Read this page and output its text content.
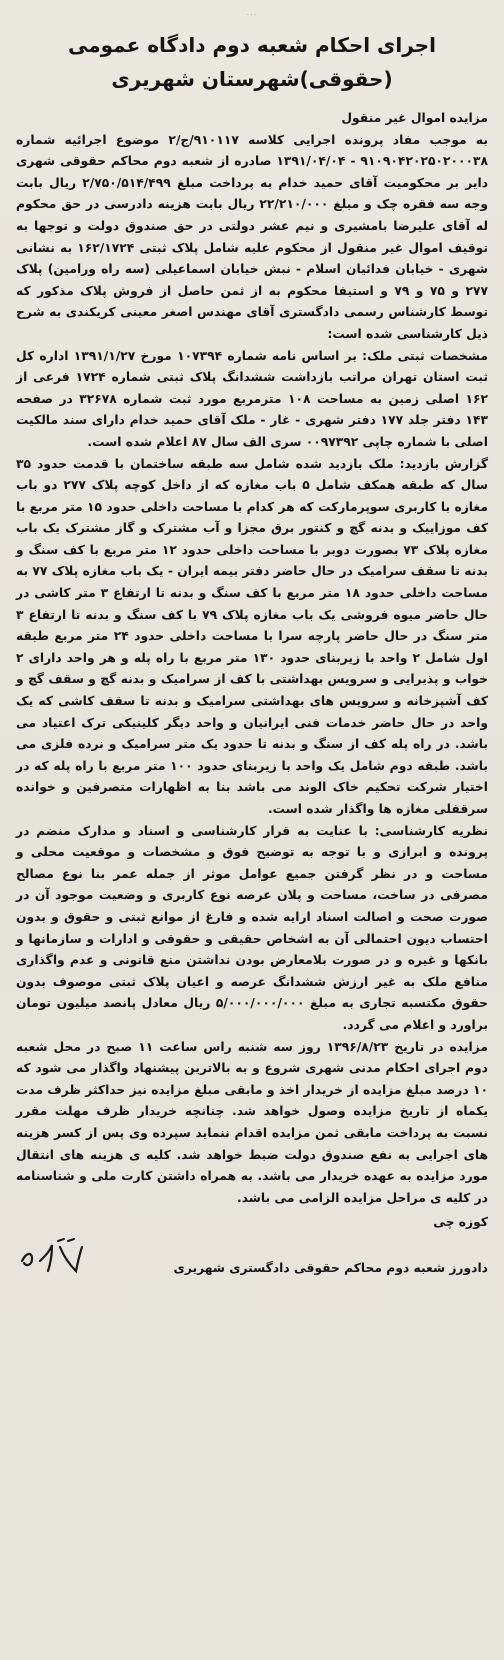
...
اجرای احکام شعبه دوم دادگاه عمومی
(حقوقی)شهرستان شهریری
مزایده اموال غیر منقول

به موجب مفاد پرونده اجرایی کلاسه ۹۱۰۱۱۷/ج/۲ موضوع اجرائیه شماره ۹۱۰۹۰۴۲۰۲۵۰۲۰۰۰۳۸ - ۱۳۹۱/۰۴/۰۴ صادره از شعبه دوم محاکم حقوقی شهری دایر بر محکومیت آقای حمید خدام به پرداخت مبلغ ۲/۷۵۰/۵۱۴/۴۹۹ ریال بابت وجه سه فقره چک و مبلغ ۲۲/۲۱۰/۰۰۰ ریال بابت هزینه دادرسی در حق محکوم له آقای علیرضا بامشیری و نیم عشر دولتی در حق صندوق دولت و توجها به توقیف اموال غیر منقول از محکوم علیه شامل پلاک ثبتی ۱۶۲/۱۷۲۴ به نشانی شهری - خیابان فدائیان اسلام - نبش خیابان اسماعیلی (سه راه ورامین) پلاک ۲۷۷ و ۷۵ و ۷۹ و استیفا محکوم به از ثمن حاصل از فروش پلاک مذکور که توسط کارشناس رسمی دادگستری آقای مهندس اصغر معینی کریکندی به شرح ذیل کارشناسی شده است:

مشخصات ثبتی ملک: بر اساس نامه شماره ۱۰۷۳۹۴ مورخ ۱۳۹۱/۱/۲۷ اداره کل ثبت استان تهران مراتب بازداشت ششدانگ پلاک ثبتی شماره ۱۷۲۴ فرعی از ۱۶۲ اصلی زمین به مساحت ۱۰۸ مترمربع مورد ثبت شماره ۳۲۶۷۸ در صفحه ۱۴۳ دفتر جلد ۱۷۷ دفتر شهری - غار - ملک آقای حمید خدام دارای سند مالکیت اصلی با شماره چاپی ۰۰۹۷۳۹۲ سری الف سال ۸۷ اعلام شده است.

گزارش بازدید: ملک بازدید شده شامل سه طبقه ساختمان با قدمت حدود ۳۵ سال که طبقه همکف شامل ۵ باب مغازه که از داخل کوچه پلاک ۲۷۷ دو باب مغازه با کاربری سوپرمارکت که هر کدام با مساحت داخلی حدود ۱۵ متر مربع با کف موزاییک و بدنه گچ و کنتور برق مجزا و آب مشترک و گاز مشترک یک باب مغازه پلاک ۷۳ بصورت دوبر با مساحت داخلی حدود ۱۲ متر مربع با کف سنگ و بدنه تا سقف سرامیک در حال حاضر دفتر بیمه ایران - یک باب مغازه پلاک ۷۷ به مساحت داخلی حدود ۱۸ متر مربع با کف سنگ و بدنه تا ارتفاع ۳ متر کاشی در حال حاضر میوه فروشی یک باب مغازه پلاک ۷۹ با کف سنگ و بدنه تا ارتفاع ۳ متر سنگ در حال حاضر پارچه سرا با مساحت داخلی حدود ۲۴ متر مربع طبقه اول شامل ۲ واحد با زیربنای حدود ۱۳۰ متر مربع با راه پله و هر واحد دارای ۲ خواب و پذیرایی و سرویس بهداشتی با کف از سرامیک و بدنه گچ و سقف گچ و کف آشپزخانه و سرویس های بهداشتی سرامیک و بدنه تا سقف کاشی که یک واحد در حال حاضر خدمات فنی ایرانیان و واحد دیگر کلینیکی ترک اعتیاد می باشد. در راه پله کف از سنگ و بدنه تا حدود یک متر سرامیک و نرده فلزی می باشد. طبقه دوم شامل یک واحد با زیربنای حدود ۱۰۰ متر مربع با راه پله که در اختیار شرکت تحکیم خاک الوند می باشد بنا به اظهارات متصرفین و خوانده سرقفلی مغازه ها واگذار شده است.

نظریه کارشناسی: با عنایت به قرار کارشناسی و اسناد و مدارک منضم در پرونده و ابرازی و با توجه به توضیح فوق و مشخصات و موقعیت محلی و مساحت و در نظر گرفتن جمیع عوامل موثر از جمله عمر بنا نوع مصالح مصرفی در ساخت، مساحت و پلان عرصه نوع کاربری و وضعیت موجود آن در صورت صحت و اصالت اسناد ارایه شده و فارغ از موانع ثبتی و حقوق و بدون احتساب دیون احتمالی آن به اشخاص حقیقی و حقوقی و ادارات و سازمانها و بانکها و غیره و در صورت بلامعارض بودن نداشتن منع قانونی و عدم واگذاری منافع ملک به غیر ارزش ششدانگ عرصه و اعیان پلاک ثبتی موصوف بدون حقوق مکتسبه تجاری به مبلغ ۵/۰۰۰/۰۰۰/۰۰۰ ریال معادل پانصد میلیون تومان براورد و اعلام می گردد.

مزایده در تاریخ ۱۳۹۶/۸/۲۳ روز سه شنبه راس ساعت ۱۱ صبح در محل شعبه دوم اجرای احکام مدنی شهری شروع و به بالاترین پیشنهاد واگذار می شود که ۱۰ درصد مبلغ مزایده از خریدار اخذ و مابقی مبلغ مزایده نیز حداکثر ظرف مدت یکماه از تاریخ مزایده وصول خواهد شد. چنانچه خریدار ظرف مهلت مقرر نسبت به پرداخت مابقی ثمن مزایده اقدام ننماید سپرده وی پس از کسر هزینه های اجرایی به نفع صندوق دولت ضبط خواهد شد. کلیه ی هزینه های انتقال مورد مزایده به عهده خریدار می باشد. به همراه داشتن کارت ملی و شناسنامه در کلیه ی مراحل مزایده الزامی می باشد.

کوزه چی
دادورز شعبه دوم محاکم حقوقی دادگستری شهریری
